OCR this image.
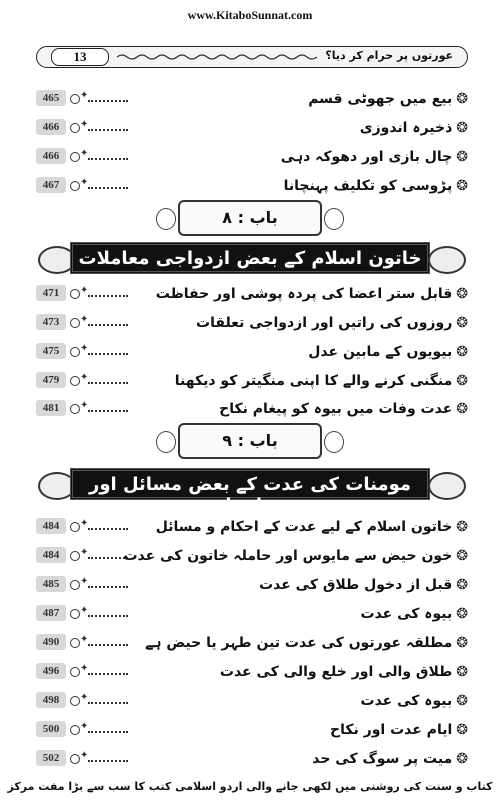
www.KitaboSunnat.com
13	عورتوں پر حرام کر دیا؟
465	✦	❂بیع میں جھوٹی قسم
466	✦	❂ذخیرہ اندوزی
466	✦	❂چال بازی اور دھوکہ دہی
467	✦	❂پڑوسی کو تکلیف پہنچانا
باب : ۸
خاتون اسلام کے بعض ازدواجی معاملات
471	✦	❂قابل ستر اعضا کی پردہ پوشی اور حفاظت
473	✦	❂روزوں کی راتیں اور ازدواجی تعلقات
475	✦	❂بیویوں کے مابین عدل
479	✦	❂منگنی کرنے والے کا اپنی منگیتر کو دیکھنا
481	✦	❂عدت وفات میں بیوہ کو پیغام نکاح
باب : ۹
مومنات کی عدت کے بعض مسائل اور محرمات ابدیہ
484	✦	❂خاتون اسلام کے لیے عدت کے احکام و مسائل
484	✦	❂خون حیض سے مایوس اور حاملہ خاتون کی عدت
485	✦	❂قبل از دخول طلاق کی عدت
487	✦	❂بیوہ کی عدت
490	✦	❂مطلقہ عورتوں کی عدت تین طہر یا حیض ہے
496	✦	❂طلاق والی اور خلع والی کی عدت
498	✦	❂بیوہ کی عدت
500	✦	❂ایام عدت اور نکاح
502	✦	❂میت پر سوگ کی حد
کتاب و سنت کی روشنی میں لکھی جانے والی اردو اسلامی کتب کا سب سے بڑا مفت مرکز
